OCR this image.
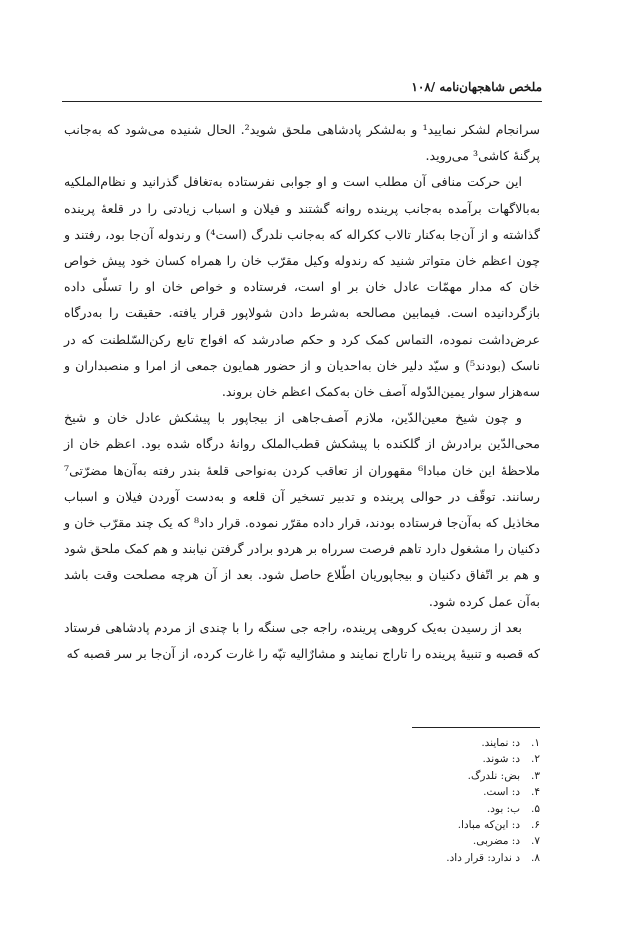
ملخص شاهجهان‌نامه /۱۰۸

سرانجام لشکر نمایید¹ و به‌لشکر پادشاهی ملحق شوید². الحال شنیده می‌شود که به‌جانب پرگنهٔ کاشی³ می‌روید.

این حرکت منافی آن مطلب است و او جوابی نفرستاده به‌تغافل گذرانید و نظام‌الملکیه به‌بالاگهات برآمده به‌جانب پرینده روانه گشتند و فیلان و اسباب زیادتی را در قلعهٔ پرینده گذاشته و از آن‌جا به‌کنار تالاب ککراله که به‌جانب نلدرگ (است⁴) و رندوله آن‌جا بود، رفتند و چون اعظم خان متواتر شنید که رندوله وکیل مقرّب خان را همراه کسان خود پیش خواص خان که مدار مهمّات عادل خان بر او است، فرستاده و خواص خان او را تسلّی داده بازگردانیده است. فیمابین مصالحه به‌شرط دادن شولاپور قرار یافته. حقیقت را به‌درگاه عرض‌داشت نموده، التماس کمک کرد و حکم صادرشد که افواج تابع رکن‌السّلطنت که در ناسک (بودند⁵) و سیّد دلیر خان به‌احدیان و از حضور همایون جمعی از امرا و منصبداران و سه‌هزار سوار یمین‌الدّوله آصف خان به‌کمک اعظم خان بروند.

و چون شیخ معین‌الدّین، ملازم آصف‌جاهی از بیجاپور با پیشکش عادل خان و شیخ محی‌الدّین برادرش از گلکنده با پیشکش قطب‌الملک روانهٔ درگاه شده بود. اعظم خان از ملاحظهٔ این خان مبادا⁶ مقهوران از تعاقب کردن به‌نواحی قلعهٔ بندر رفته به‌آن‌ها مضرّتی⁷ رسانند. توقّف در حوالی پرینده و تدبیر تسخیر آن قلعه و به‌دست آوردن فیلان و اسباب مخاذیل که به‌آن‌جا فرستاده بودند، قرار داده مقرّر نموده. قرار داد⁸ که یک چند مقرّب خان و دکنیان را مشغول دارد تاهم فرصت سرراه بر هردو برادر گرفتن نیابند و هم کمک ملحق شود و هم بر اتّفاق دکنیان و بیجاپوریان اطّلاع حاصل شود. بعد از آن هرچه مصلحت وقت باشد به‌آن عمل کرده شود.

بعد از رسیدن به‌یک کروهی پرینده، راجه جی سنگه را با چندی از مردم پادشاهی فرستاد که قصبه و تنبیهٔ پرینده را تاراج نمایند و مشارٌالیه تپّه را غارت کرده، از آن‌جا بر سر قصبه که

۱.
د: نمایند.
۲.
د: شوند.
۳.
بض: نلدرگ.
۴.
د: است.
۵.
ب: بود.
۶.
د: این‌که مبادا.
۷.
د: مضربی.
۸.
د ندارد: قرار داد.
